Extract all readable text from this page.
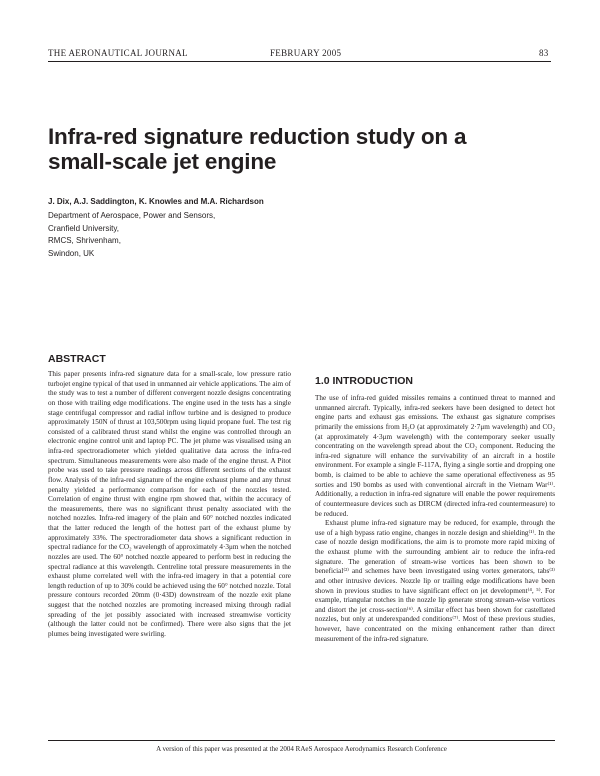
THE AERONAUTICAL JOURNAL	FEBRUARY 2005	83
Infra-red signature reduction study on a
small-scale jet engine
J. Dix, A.J. Saddington, K. Knowles and M.A. Richardson
Department of Aerospace, Power and Sensors,
Cranfield University,
RMCS, Shrivenham,
Swindon, UK
ABSTRACT

This paper presents infra-red signature data for a small-scale, low pressure ratio turbojet engine typical of that used in unmanned air vehicle applications. The aim of the study was to test a number of different convergent nozzle designs concentrating on those with trailing edge modifications. The engine used in the tests has a single stage centrifugal compressor and radial inflow turbine and is designed to produce approximately 150N of thrust at 103,500rpm using liquid propane fuel. The test rig consisted of a calibrated thrust stand whilst the engine was controlled through an electronic engine control unit and laptop PC. The jet plume was visualised using an infra-red spectroradiometer which yielded qualitative data across the infra-red spectrum. Simultaneous measurements were also made of the engine thrust. A Pitot probe was used to take pressure readings across different sections of the exhaust flow. Analysis of the infra-red signature of the engine exhaust plume and any thrust penalty yielded a performance comparison for each of the nozzles tested. Correlation of engine thrust with engine rpm showed that, within the accuracy of the measurements, there was no significant thrust penalty associated with the notched nozzles. Infra-red imagery of the plain and 60° notched nozzles indicated that the latter reduced the length of the hottest part of the exhaust plume by approximately 33%. The spectroradiometer data shows a significant reduction in spectral radiance for the CO₂ wavelength of approximately 4·3μm when the notched nozzles are used. The 60° notched nozzle appeared to perform best in reducing the spectral radiance at this wavelength. Centreline total pressure measurements in the exhaust plume correlated well with the infra-red imagery in that a potential core length reduction of up to 30% could be achieved using the 60° notched nozzle. Total pressure contours recorded 20mm (0·43D) downstream of the nozzle exit plane suggest that the notched nozzles are promoting increased mixing through radial spreading of the jet possibly associated with increased streamwise vorticity (although the latter could not be confirmed). There were also signs that the jet plumes being investigated were swirling.

1.0 INTRODUCTION

The use of infra-red guided missiles remains a continued threat to manned and unmanned aircraft. Typically, infra-red seekers have been designed to detect hot engine parts and exhaust gas emissions. The exhaust gas signature comprises primarily the emissions from H₂O (at approximately 2·7μm wavelength) and CO₂ (at approximately 4·3μm wavelength) with the contemporary seeker usually concentrating on the wavelength spread about the CO₂ component. Reducing the infra-red signature will enhance the survivability of an aircraft in a hostile environment. For example a single F-117A, flying a single sortie and dropping one bomb, is claimed to be able to achieve the same operational effectiveness as 95 sorties and 190 bombs as used with conventional aircraft in the Vietnam War⁽¹⁾. Additionally, a reduction in infra-red signature will enable the power requirements of countermeasure devices such as DIRCM (directed infra-red countermeasure) to be reduced.

Exhaust plume infra-red signature may be reduced, for example, through the use of a high bypass ratio engine, changes in nozzle design and shielding⁽¹⁾. In the case of nozzle design modifications, the aim is to promote more rapid mixing of the exhaust plume with the surrounding ambient air to reduce the infra-red signature. The generation of stream-wise vortices has been shown to be beneficial⁽²⁾ and schemes have been investigated using vortex generators, tabs⁽³⁾ and other intrusive devices. Nozzle lip or trailing edge modifications have been shown in previous studies to have significant effect on jet development⁽⁴, ⁵⁾. For example, triangular notches in the nozzle lip generate strong stream-wise vortices and distort the jet cross-section⁽⁶⁾. A similar effect has been shown for castellated nozzles, but only at underexpanded conditions⁽⁷⁾. Most of these previous studies, however, have concentrated on the mixing enhancement rather than direct measurement of the infra-red signature.

A version of this paper was presented at the 2004 RAeS Aerospace Aerodynamics Research Conference
